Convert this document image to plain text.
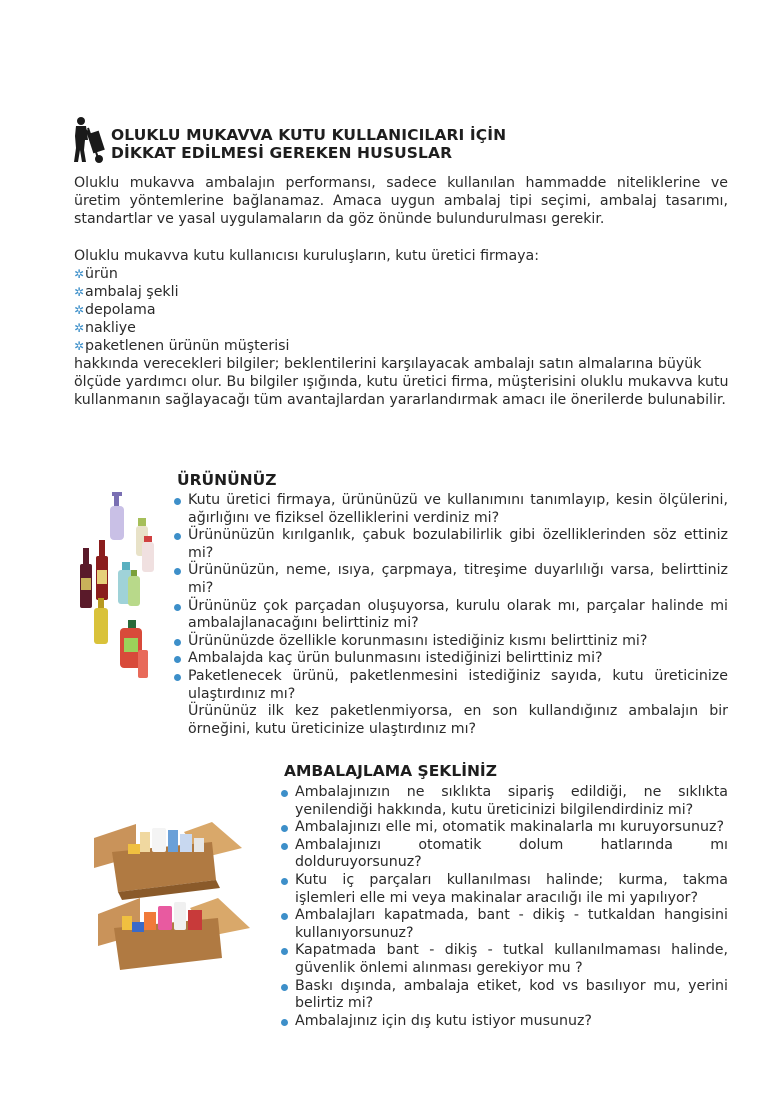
OLUKLU MUKAVVA KUTU KULLANICILARI İÇİN
DİKKAT EDİLMESİ GEREKEN HUSUSLAR
Oluklu mukavva ambalajın performansı, sadece kullanılan hammadde niteliklerine ve üretim yöntemlerine bağlanamaz. Amaca uygun ambalaj tipi seçimi, ambalaj tasarımı, standartlar ve yasal uygulamaların da göz önünde bulundurulması gerekir.
Oluklu mukavva kutu kullanıcısı kuruluşların, kutu üretici firmaya:
✲ ürün
✲ ambalaj şekli
✲ depolama
✲ nakliye
✲ paketlenen ürünün müşterisi
hakkında verecekleri bilgiler; beklentilerini karşılayacak ambalajı satın almalarına büyük ölçüde yardımcı olur. Bu bilgiler ışığında, kutu üretici firma, müşterisini oluklu mukavva kutu kullanmanın sağlayacağı tüm avantajlardan yararlandırmak amacı ile önerilerde bulunabilir.
ÜRÜNÜNÜZ
Kutu üretici firmaya, ürününüzü ve kullanımını tanımlayıp, kesin ölçülerini, ağırlığını ve fiziksel özelliklerini verdiniz mi?
Ürününüzün kırılganlık, çabuk bozulabilirlik gibi özelliklerinden söz ettiniz mi?
Ürününüzün, neme, ısıya, çarpmaya, titreşime duyarlılığı varsa, belirttiniz mi?
Ürününüz çok parçadan oluşuyorsa, kurulu olarak mı, parçalar halinde mi ambalajlanacağını belirttiniz mi?
Ürününüzde özellikle korunmasını istediğiniz kısmı belirttiniz mi?
Ambalajda kaç ürün bulunmasını istediğinizi belirttiniz mi?
Paketlenecek ürünü, paketlenmesini istediğiniz sayıda, kutu üreticinize ulaştırdınız mı?
Ürününüz ilk kez paketlenmiyorsa, en son kullandığınız ambalajın bir örneğini, kutu üreticinize ulaştırdınız mı?
AMBALAJLAMA ŞEKLİNİZ
Ambalajınızın ne sıklıkta sipariş edildiği, ne sıklıkta yenilendiği hakkında, kutu üreticinizi bilgilendirdiniz mi?
Ambalajınızı elle mi, otomatik makinalarla mı kuruyorsunuz?
Ambalajınızı otomatik dolum hatlarında mı dolduruyorsunuz?
Kutu iç parçaları kullanılması halinde; kurma, takma işlemleri elle mi veya makinalar aracılığı ile mi yapılıyor?
Ambalajları kapatmada, bant - dikiş - tutkaldan hangisini kullanıyorsunuz?
Kapatmada bant - dikiş - tutkal kullanılmaması halinde, güvenlik önlemi alınması gerekiyor mu ?
Baskı dışında, ambalaja etiket, kod vs basılıyor mu, yerini belirtiz mi?
Ambalajınız için dış kutu istiyor musunuz?
